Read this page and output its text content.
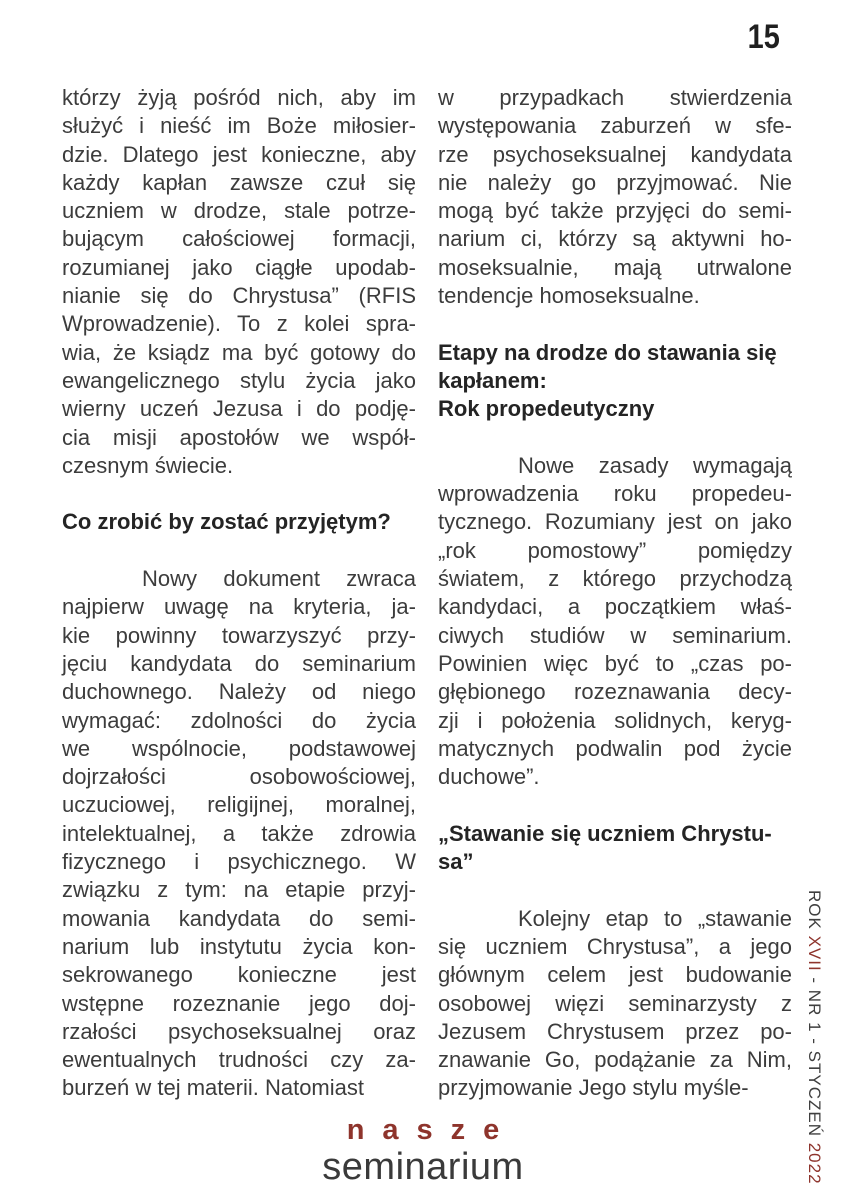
15
którzy żyją pośród nich, aby im
służyć i nieść im Boże miłosier-
dzie. Dlatego jest konieczne, aby
każdy kapłan zawsze czuł się
uczniem w drodze, stale potrze-
bującym całościowej formacji,
rozumianej jako ciągłe upodab-
nianie się do Chrystusa” (RFIS
Wprowadzenie). To z kolei spra-
wia, że ksiądz ma być gotowy do
ewangelicznego stylu życia jako
wierny uczeń Jezusa i do podję-
cia misji apostołów we współ-
czesnym świecie.
Co zrobić by zostać przyjętym?
Nowy dokument zwraca
najpierw uwagę na kryteria, ja-
kie powinny towarzyszyć przy-
jęciu kandydata do seminarium
duchownego. Należy od niego
wymagać: zdolności do życia
we wspólnocie, podstawowej
dojrzałości osobowościowej,
uczuciowej, religijnej, moralnej,
intelektualnej, a także zdrowia
fizycznego i psychicznego. W
związku z tym: na etapie przyj-
mowania kandydata do semi-
narium lub instytutu życia kon-
sekrowanego konieczne jest
wstępne rozeznanie jego doj-
rzałości psychoseksualnej oraz
ewentualnych trudności czy za-
burzeń w tej materii. Natomiast
w przypadkach stwierdzenia
występowania zaburzeń w sfe-
rze psychoseksualnej kandydata
nie należy go przyjmować. Nie
mogą być także przyjęci do semi-
narium ci, którzy są aktywni ho-
moseksualnie, mają utrwalone
tendencje homoseksualne.
Etapy na drodze do stawania się
kapłanem:
Rok propedeutyczny
Nowe zasady wymagają
wprowadzenia roku propedeu-
tycznego. Rozumiany jest on jako
„rok pomostowy” pomiędzy
światem, z którego przychodzą
kandydaci, a początkiem właś-
ciwych studiów w seminarium.
Powinien więc być to „czas po-
głębionego rozeznawania decy-
zji i położenia solidnych, keryg-
matycznych podwalin pod życie
duchowe”.
„Stawanie się uczniem Chrystu-
sa”
Kolejny etap to „stawanie
się uczniem Chrystusa”, a jego
głównym celem jest budowanie
osobowej więzi seminarzysty z
Jezusem Chrystusem przez po-
znawanie Go, podążanie za Nim,
przyjmowanie Jego stylu myśle-
ROK XVII - NR 1 - STYCZEŃ 2022
nasze
seminarium
